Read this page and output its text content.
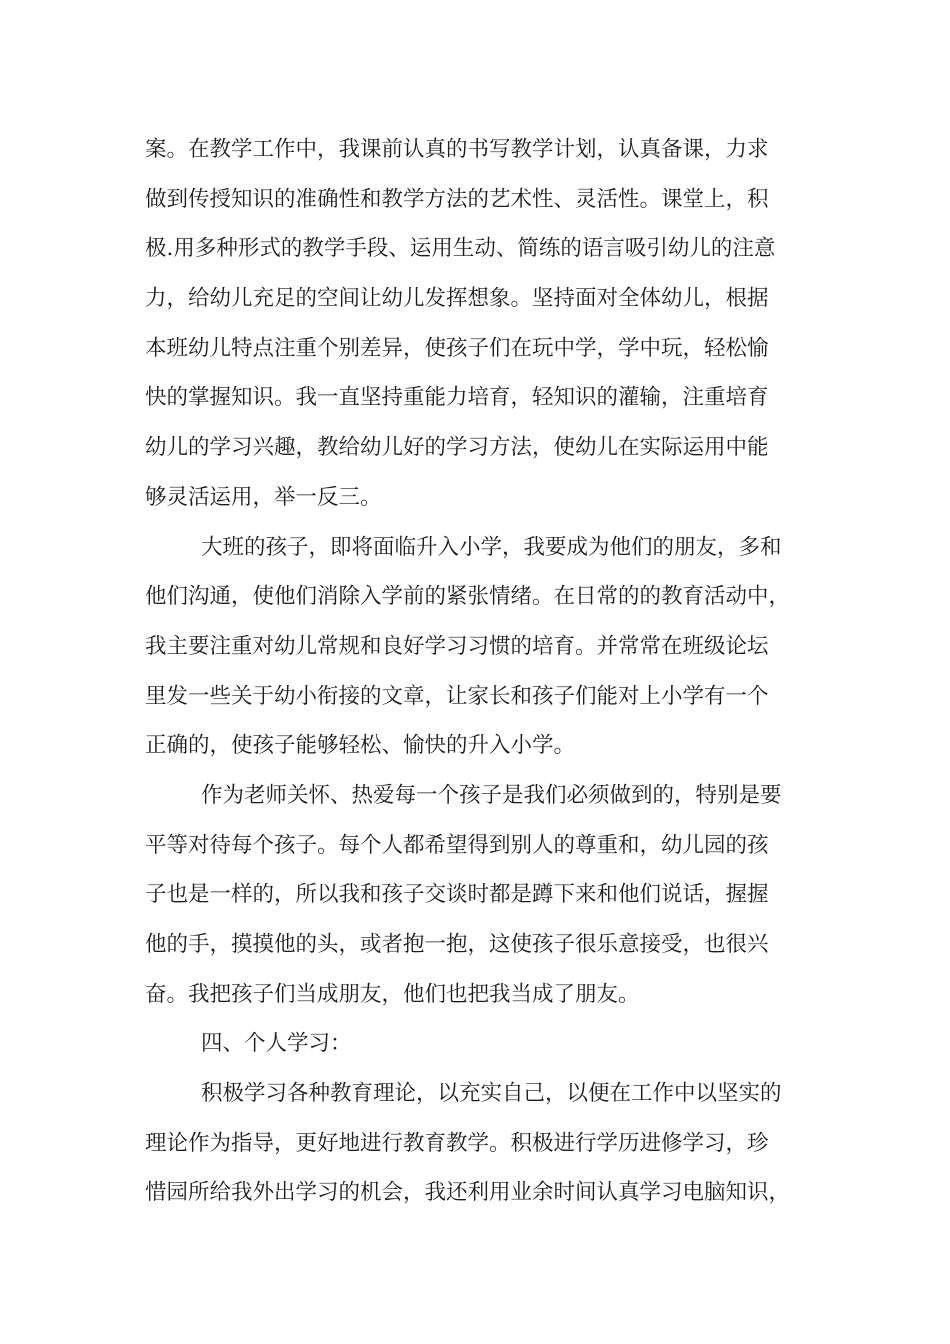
案。在教学工作中，我课前认真的书写教学计划，认真备课，力求
做到传授知识的准确性和教学方法的艺术性、灵活性。课堂上，积
极.用多种形式的教学手段、运用生动、简练的语言吸引幼儿的注意
力，给幼儿充足的空间让幼儿发挥想象。坚持面对全体幼儿，根据
本班幼儿特点注重个别差异，使孩子们在玩中学，学中玩，轻松愉
快的掌握知识。我一直坚持重能力培育，轻知识的灌输，注重培育
幼儿的学习兴趣，教给幼儿好的学习方法，使幼儿在实际运用中能
够灵活运用，举一反三。
大班的孩子，即将面临升入小学，我要成为他们的朋友，多和
他们沟通，使他们消除入学前的紧张情绪。在日常的的教育活动中，
我主要注重对幼儿常规和良好学习习惯的培育。并常常在班级论坛
里发一些关于幼小衔接的文章，让家长和孩子们能对上小学有一个
正确的，使孩子能够轻松、愉快的升入小学。
作为老师关怀、热爱每一个孩子是我们必须做到的，特别是要
平等对待每个孩子。每个人都希望得到别人的尊重和，幼儿园的孩
子也是一样的，所以我和孩子交谈时都是蹲下来和他们说话，握握
他的手，摸摸他的头，或者抱一抱，这使孩子很乐意接受，也很兴
奋。我把孩子们当成朋友，他们也把我当成了朋友。
四、个人学习：
积极学习各种教育理论，以充实自己，以便在工作中以坚实的
理论作为指导，更好地进行教育教学。积极进行学历进修学习，珍
惜园所给我外出学习的机会，我还利用业余时间认真学习电脑知识，
